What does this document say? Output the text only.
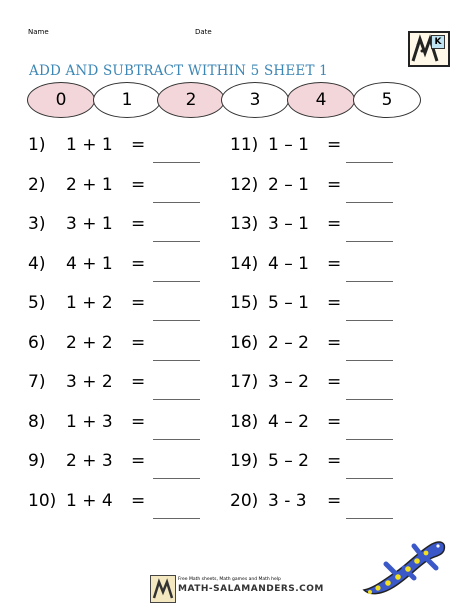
Name	Date
K
ADD AND SUBTRACT WITHIN 5 SHEET 1
0	1	2	3	4	5
1) 1 + 1 =
2) 2 + 1 =
3) 3 + 1 =
4) 4 + 1 =
5) 1 + 2 =
6) 2 + 2 =
7) 3 + 2 =
8) 1 + 3 =
9) 2 + 3 =
10) 1 + 4 =
11) 1 – 1 =
12) 2 – 1 =
13) 3 – 1 =
14) 4 – 1 =
15) 5 – 1 =
16) 2 – 2 =
17) 3 – 2 =
18) 4 – 2 =
19) 5 – 2 =
20) 3 - 3 =
Free Math sheets, Math games and Math help
MATH-SALAMANDERS.COM
